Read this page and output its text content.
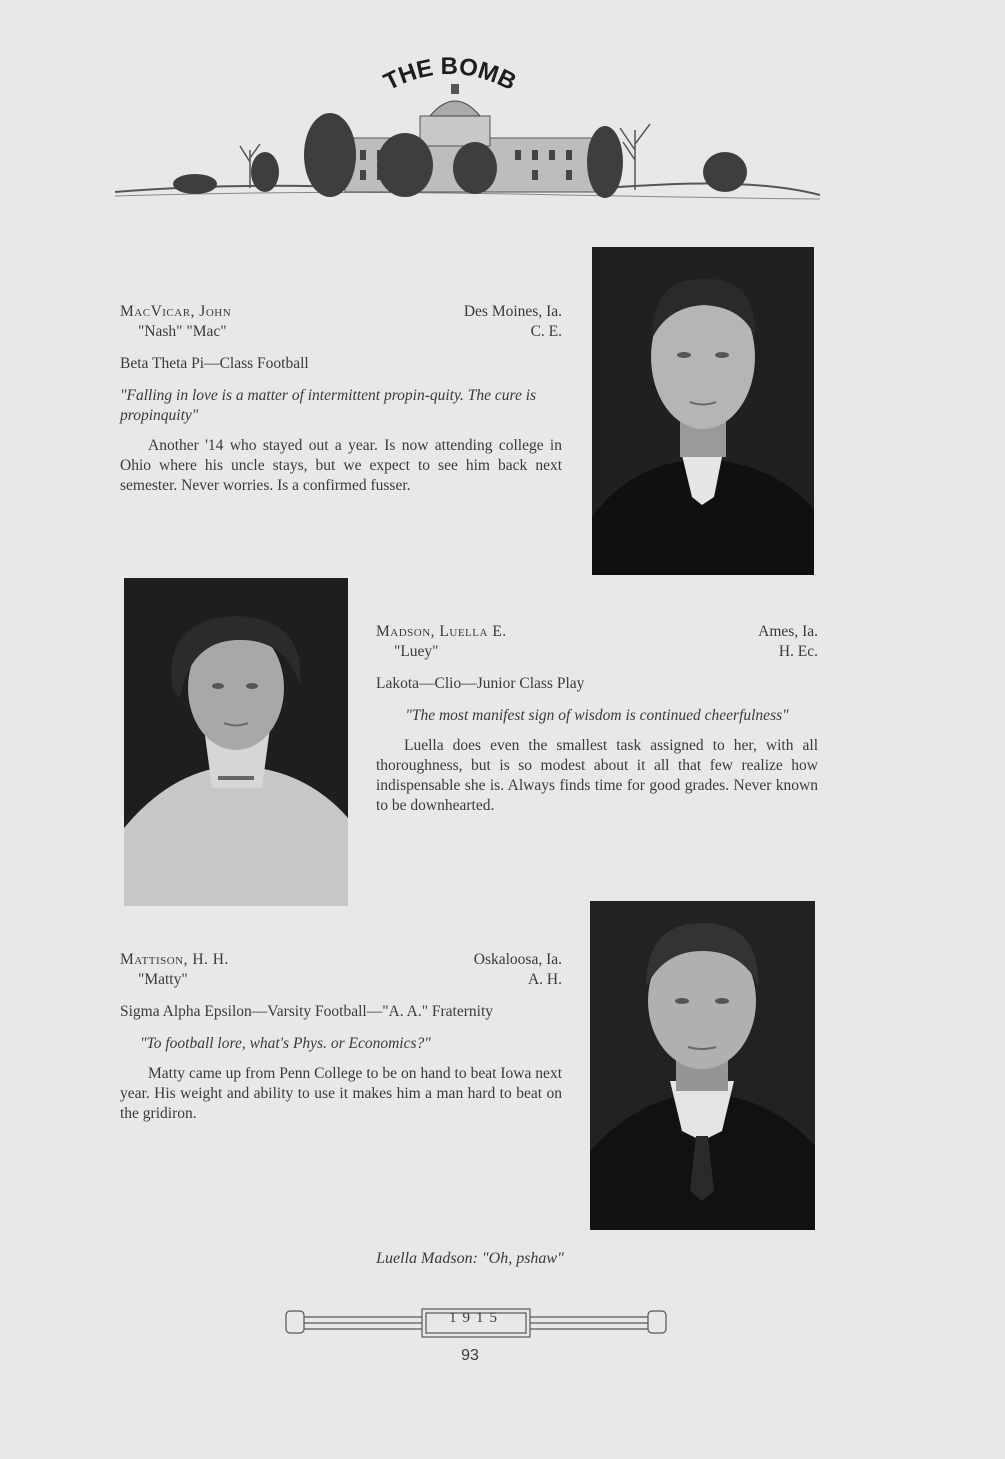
THE BOMB
MacVicar, John	Des Moines, Ia.
"Nash" "Mac"	C. E.
Beta Theta Pi—Class Football
"Falling in love is a matter of intermittent propin-quity. The cure is propinquity"
Another '14 who stayed out a year. Is now attending college in Ohio where his uncle stays, but we expect to see him back next semester. Never worries. Is a confirmed fusser.
Madson, Luella E.	Ames, Ia.
"Luey"	H. Ec.
Lakota—Clio—Junior Class Play
"The most manifest sign of wisdom is continued cheerfulness"
Luella does even the smallest task assigned to her, with all thoroughness, but is so modest about it all that few realize how indispensable she is. Always finds time for good grades. Never known to be downhearted.
Mattison, H. H.	Oskaloosa, Ia.
"Matty"	A. H.
Sigma Alpha Epsilon—Varsity Football—"A. A." Fraternity
"To football lore, what's Phys. or Economics?"
Matty came up from Penn College to be on hand to beat Iowa next year. His weight and ability to use it makes him a man hard to beat on the gridiron.
Luella Madson: "Oh, pshaw"
1915
93
